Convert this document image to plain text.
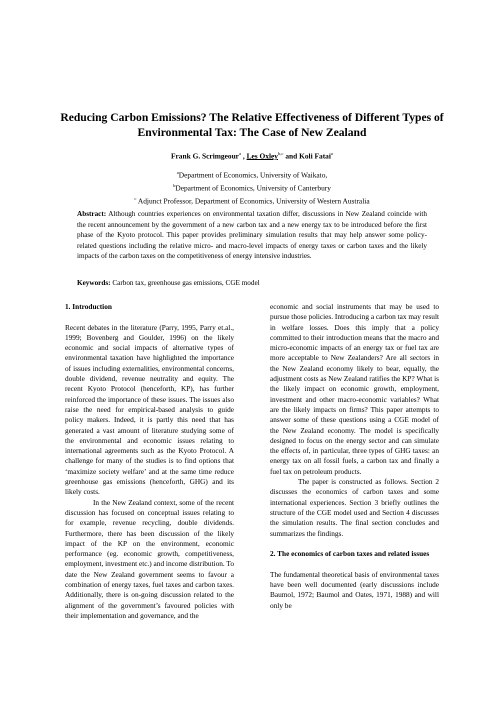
Reducing Carbon Emissions? The Relative Effectiveness of Different Types of Environmental Tax: The Case of New Zealand
Frank G. Scrimgeour$^a$ , Les Oxley$^{b,c}$ and Koli Fatai$^a$
$^a$Department of Economics, University of Waikato,
$^b$Department of Economics, University of Canterbury
$^c$ Adjunct Professor, Department of Economics, University of Western Australia
Abstract: Although countries experiences on environmental taxation differ, discussions in New Zealand coincide with the recent announcement by the government of a new carbon tax and a new energy tax to be introduced before the first phase of the Kyoto protocol. This paper provides preliminary simulation results that may help answer some policy-related questions including the relative micro- and macro-level impacts of energy taxes or carbon taxes and the likely impacts of the carbon taxes on the competitiveness of energy intensive industries.
Keywords: Carbon tax, greenhouse gas emissions, CGE model

1. Introduction

Recent debates in the literature (Parry, 1995, Parry et.al., 1999; Bovenberg and Goulder, 1996) on the likely economic and social impacts of alternative types of environmental taxation have highlighted the importance of issues including externalities, environmental concerns, double dividend, revenue neutrality and equity. The recent Kyoto Protocol (henceforth, KP), has further reinforced the importance of these issues. The issues also raise the need for empirical-based analysis to guide policy makers. Indeed, it is partly this need that has generated a vast amount of literature studying some of the environmental and economic issues relating to international agreements such as the Kyoto Protocol. A challenge for many of the studies is to find options that ‘maximize society welfare’ and at the same time reduce greenhouse gas emissions (henceforth, GHG) and its likely costs.

In the New Zealand context, some of the recent discussion has focused on conceptual issues relating to for example, revenue recycling, double dividends. Furthermore, there has been discussion of the likely impact of the KP on the environment, economic performance (eg. economic growth, competitiveness, employment, investment etc.) and income distribution. To date the New Zealand government seems to favour a combination of energy taxes, fuel taxes and carbon taxes. Additionally, there is on-going discussion related to the alignment of the government’s favoured policies with their implementation and governance, and the

economic and social instruments that may be used to pursue those policies. Introducing a carbon tax may result in welfare losses. Does this imply that a policy committed to their introduction means that the macro and micro-economic impacts of an energy tax or fuel tax are more acceptable to New Zealanders? Are all sectors in the New Zealand economy likely to bear, equally, the adjustment costs as New Zealand ratifies the KP? What is the likely impact on economic growth, employment, investment and other macro-economic variables? What are the likely impacts on firms? This paper attempts to answer some of these questions using a CGE model of the New Zealand economy. The model is specifically designed to focus on the energy sector and can simulate the effects of, in particular, three types of GHG taxes: an energy tax on all fossil fuels, a carbon tax and finally a fuel tax on petroleum products.

The paper is constructed as follows. Section 2 discusses the economics of carbon taxes and some international experiences. Section 3 briefly outlines the structure of the CGE model used and Section 4 discusses the simulation results. The final section concludes and summarizes the findings.

2. The economics of carbon taxes and related issues

The fundamental theoretical basis of environmental taxes have been well documented (early discussions include Baumol, 1972; Baumol and Oates, 1971, 1988) and will only be
